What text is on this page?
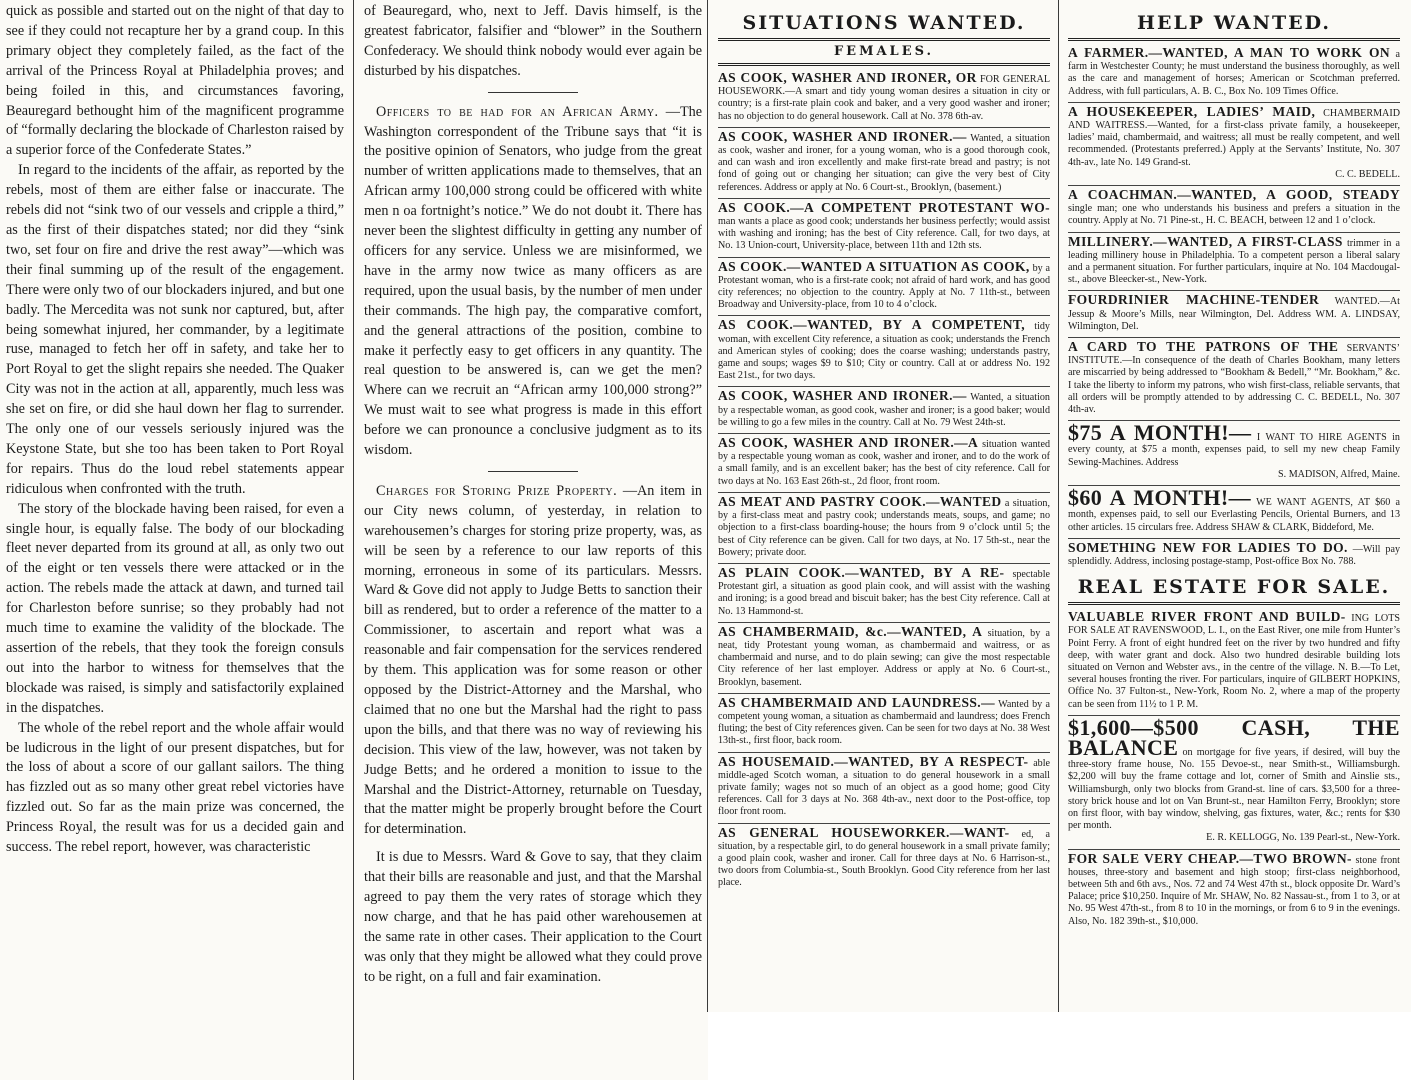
quick as possible and started out on the night of that day to see if they could not recapture her by a grand coup. In this primary object they completely failed, as the fact of the arrival of the Princess Royal at Philadelphia proves; and being foiled in this, and circumstances favoring, Beauregard bethought him of the magnificent programme of “formally declaring the blockade of Charleston raised by a superior force of the Confederate States.”

In regard to the incidents of the affair, as reported by the rebels, most of them are either false or inaccurate. The rebels did not “sink two of our vessels and cripple a third,” as the first of their dispatches stated; nor did they “sink two, set four on fire and drive the rest away”—which was their final summing up of the result of the engagement. There were only two of our blockaders injured, and but one badly. The Mercedita was not sunk nor captured, but, after being somewhat injured, her commander, by a legitimate ruse, managed to fetch her off in safety, and take her to Port Royal to get the slight repairs she needed. The Quaker City was not in the action at all, apparently, much less was she set on fire, or did she haul down her flag to surrender. The only one of our vessels seriously injured was the Keystone State, but she too has been taken to Port Royal for repairs. Thus do the loud rebel statements appear ridiculous when confronted with the truth.

The story of the blockade having been raised, for even a single hour, is equally false. The body of our blockading fleet never departed from its ground at all, as only two out of the eight or ten vessels there were attacked or in the action. The rebels made the attack at dawn, and turned tail for Charleston before sunrise; so they probably had not much time to examine the validity of the blockade. The assertion of the rebels, that they took the foreign consuls out into the harbor to witness for themselves that the blockade was raised, is simply and satisfactorily explained in the dispatches.

The whole of the rebel report and the whole affair would be ludicrous in the light of our present dispatches, but for the loss of about a score of our gallant sailors. The thing has fizzled out as so many other great rebel victories have fizzled out. So far as the main prize was concerned, the Princess Royal, the result was for us a decided gain and success. The rebel report, however, was characteristic

of Beauregard, who, next to Jeff. Davis himself, is the greatest fabricator, falsifier and “blower” in the Southern Confederacy. We should think nobody would ever again be disturbed by his dispatches.

Officers to be had for an African Army. —The Washington correspondent of the Tribune says that “it is the positive opinion of Senators, who judge from the great number of written applications made to themselves, that an African army 100,000 strong could be officered with white men n oa fortnight’s notice.” We do not doubt it. There has never been the slightest difficulty in getting any number of officers for any service. Unless we are misinformed, we have in the army now twice as many officers as are required, upon the usual basis, by the number of men under their commands. The high pay, the comparative comfort, and the general attractions of the position, combine to make it perfectly easy to get officers in any quantity. The real question to be answered is, can we get the men? Where can we recruit an “African army 100,000 strong?” We must wait to see what progress is made in this effort before we can pronounce a conclusive judgment as to its wisdom.

Charges for Storing Prize Property. —An item in our City news column, of yesterday, in relation to warehousemen’s charges for storing prize property, was, as will be seen by a reference to our law reports of this morning, erroneous in some of its particulars. Messrs. Ward & Gove did not apply to Judge Betts to sanction their bill as rendered, but to order a reference of the matter to a Commissioner, to ascertain and report what was a reasonable and fair compensation for the services rendered by them. This application was for some reason or other opposed by the District-Attorney and the Marshal, who claimed that no one but the Marshal had the right to pass upon the bills, and that there was no way of reviewing his decision. This view of the law, however, was not taken by Judge Betts; and he ordered a monition to issue to the Marshal and the District-Attorney, returnable on Tuesday, that the matter might be properly brought before the Court for determination.

It is due to Messrs. Ward & Gove to say, that they claim that their bills are reasonable and just, and that the Marshal agreed to pay them the very rates of storage which they now charge, and that he has paid other warehousemen at the same rate in other cases. Their application to the Court was only that they might be allowed what they could prove to be right, on a full and fair examination.

SITUATIONS WANTED.
FEMALES.
AS COOK, WASHER AND IRONER, OR FOR GENERAL HOUSEWORK.—A smart and tidy young woman desires a situation in city or country; is a first-rate plain cook and baker, and a very good washer and ironer; has no objection to do general housework. Call at No. 378 6th-av.
AS COOK, WASHER AND IRONER.— Wanted, a situation as cook, washer and ironer, for a young woman, who is a good thorough cook, and can wash and iron excellently and make first-rate bread and pastry; is not fond of going out or changing her situation; can give the very best of City references. Address or apply at No. 6 Court-st., Brooklyn, (basement.)
AS COOK.—A COMPETENT PROTESTANT WO- man wants a place as good cook; understands her business perfectly; would assist with washing and ironing; has the best of City reference. Call, for two days, at No. 13 Union-court, University-place, between 11th and 12th sts.
AS COOK.—WANTED A SITUATION AS COOK, by a Protestant woman, who is a first-rate cook; not afraid of hard work, and has good city references; no objection to the country. Apply at No. 7 11th-st., between Broadway and University-place, from 10 to 4 o’clock.
AS COOK.—WANTED, BY A COMPETENT, tidy woman, with excellent City reference, a situation as cook; understands the French and American styles of cooking; does the coarse washing; understands pastry, game and soups; wages $9 to $10; City or country. Call at or address No. 192 East 21st., for two days.
AS COOK, WASHER AND IRONER.— Wanted, a situation by a respectable woman, as good cook, washer and ironer; is a good baker; would be willing to go a few miles in the country. Call at No. 79 West 24th-st.
AS COOK, WASHER AND IRONER.—A situation wanted by a respectable young woman as cook, washer and ironer, and to do the work of a small family, and is an excellent baker; has the best of city reference. Call for two days at No. 163 East 26th-st., 2d floor, front room.
AS MEAT AND PASTRY COOK.—WANTED a situation, by a first-class meat and pastry cook; understands meats, soups, and game; no objection to a first-class boarding-house; the hours from 9 o’clock until 5; the best of City reference can be given. Call for two days, at No. 17 5th-st., near the Bowery; private door.
AS PLAIN COOK.—WANTED, BY A RE- spectable Protestant girl, a situation as good plain cook, and will assist with the washing and ironing; is a good bread and biscuit baker; has the best City reference. Call at No. 13 Hammond-st.
AS CHAMBERMAID, &c.—WANTED, A situation, by a neat, tidy Protestant young woman, as chambermaid and waitress, or as chambermaid and nurse, and to do plain sewing; can give the most respectable City reference of her last employer. Address or apply at No. 6 Court-st., Brooklyn, basement.
AS CHAMBERMAID AND LAUNDRESS.— Wanted by a competent young woman, a situation as chambermaid and laundress; does French fluting; the best of City references given. Can be seen for two days at No. 38 West 13th-st., first floor, back room.
AS HOUSEMAID.—WANTED, BY A RESPECT- able middle-aged Scotch woman, a situation to do general housework in a small private family; wages not so much of an object as a good home; good City references. Call for 3 days at No. 368 4th-av., next door to the Post-office, top floor front room.
AS GENERAL HOUSEWORKER.—WANT- ed, a situation, by a respectable girl, to do general housework in a small private family; a good plain cook, washer and ironer. Call for three days at No. 6 Harrison-st., two doors from Columbia-st., South Brooklyn. Good City reference from her last place.
HELP WANTED.
A FARMER.—WANTED, A MAN TO WORK ON a farm in Westchester County; he must understand the business thoroughly, as well as the care and management of horses; American or Scotchman preferred. Address, with full particulars, A. B. C., Box No. 109 Times Office.
A HOUSEKEEPER, LADIES’ MAID, CHAMBERMAID AND WAITRESS.—Wanted, for a first-class private family, a housekeeper, ladies’ maid, chambermaid, and waitress; all must be really competent, and well recommended. (Protestants preferred.) Apply at the Servants’ Institute, No. 307 4th-av., late No. 149 Grand-st.
C. C. BEDELL.
A COACHMAN.—WANTED, A GOOD, STEADY single man; one who understands his business and prefers a situation in the country. Apply at No. 71 Pine-st., H. C. BEACH, between 12 and 1 o’clock.
MILLINERY.—WANTED, A FIRST-CLASS trimmer in a leading millinery house in Philadelphia. To a competent person a liberal salary and a permanent situation. For further particulars, inquire at No. 104 Macdougal-st., above Bleecker-st., New-York.
FOURDRINIER MACHINE-TENDER WANTED.—At Jessup & Moore’s Mills, near Wilmington, Del. Address WM. A. LINDSAY, Wilmington, Del.
A CARD TO THE PATRONS OF THE SERVANTS’ INSTITUTE.—In consequence of the death of Charles Bookham, many letters are miscarried by being addressed to “Bookham & Bedell,” “Mr. Bookham,” &c. I take the liberty to inform my patrons, who wish first-class, reliable servants, that all orders will be promptly attended to by addressing C. C. BEDELL, No. 307 4th-av.
$75 A MONTH!— I WANT TO HIRE AGENTS in every county, at $75 a month, expenses paid, to sell my new cheap Family Sewing-Machines. Address
S. MADISON, Alfred, Maine.
$60 A MONTH!— WE WANT AGENTS, AT $60 a month, expenses paid, to sell our Everlasting Pencils, Oriental Burners, and 13 other articles. 15 circulars free. Address SHAW & CLARK, Biddeford, Me.
SOMETHING NEW FOR LADIES TO DO. —Will pay splendidly. Address, inclosing postage-stamp, Post-office Box No. 788.
REAL ESTATE FOR SALE.
VALUABLE RIVER FRONT AND BUILD- ING LOTS FOR SALE AT RAVENSWOOD, L. I., on the East River, one mile from Hunter’s Point Ferry. A front of eight hundred feet on the river by two hundred and fifty deep, with water grant and dock. Also two hundred desirable building lots situated on Vernon and Webster avs., in the centre of the village. N. B.—To Let, several houses fronting the river. For particulars, inquire of GILBERT HOPKINS, Office No. 37 Fulton-st., New-York, Room No. 2, where a map of the property can be seen from 11½ to 1 P. M.
$1,600—$500 CASH, THE BALANCE on mortgage for five years, if desired, will buy the three-story frame house, No. 155 Devoe-st., near Smith-st., Williamsburgh. $2,200 will buy the frame cottage and lot, corner of Smith and Ainslie sts., Williamsburgh, only two blocks from Grand-st. line of cars. $3,500 for a three-story brick house and lot on Van Brunt-st., near Hamilton Ferry, Brooklyn; store on first floor, with bay window, shelving, gas fixtures, water, &c.; rents for $30 per month.
E. R. KELLOGG, No. 139 Pearl-st., New-York.
FOR SALE VERY CHEAP.—TWO BROWN- stone front houses, three-story and basement and high stoop; first-class neighborhood, between 5th and 6th avs., Nos. 72 and 74 West 47th st., block opposite Dr. Ward’s Palace; price $10,250. Inquire of Mr. SHAW, No. 82 Nassau-st., from 1 to 3, or at No. 95 West 47th-st., from 8 to 10 in the mornings, or from 6 to 9 in the evenings. Also, No. 182 39th-st., $10,000.
